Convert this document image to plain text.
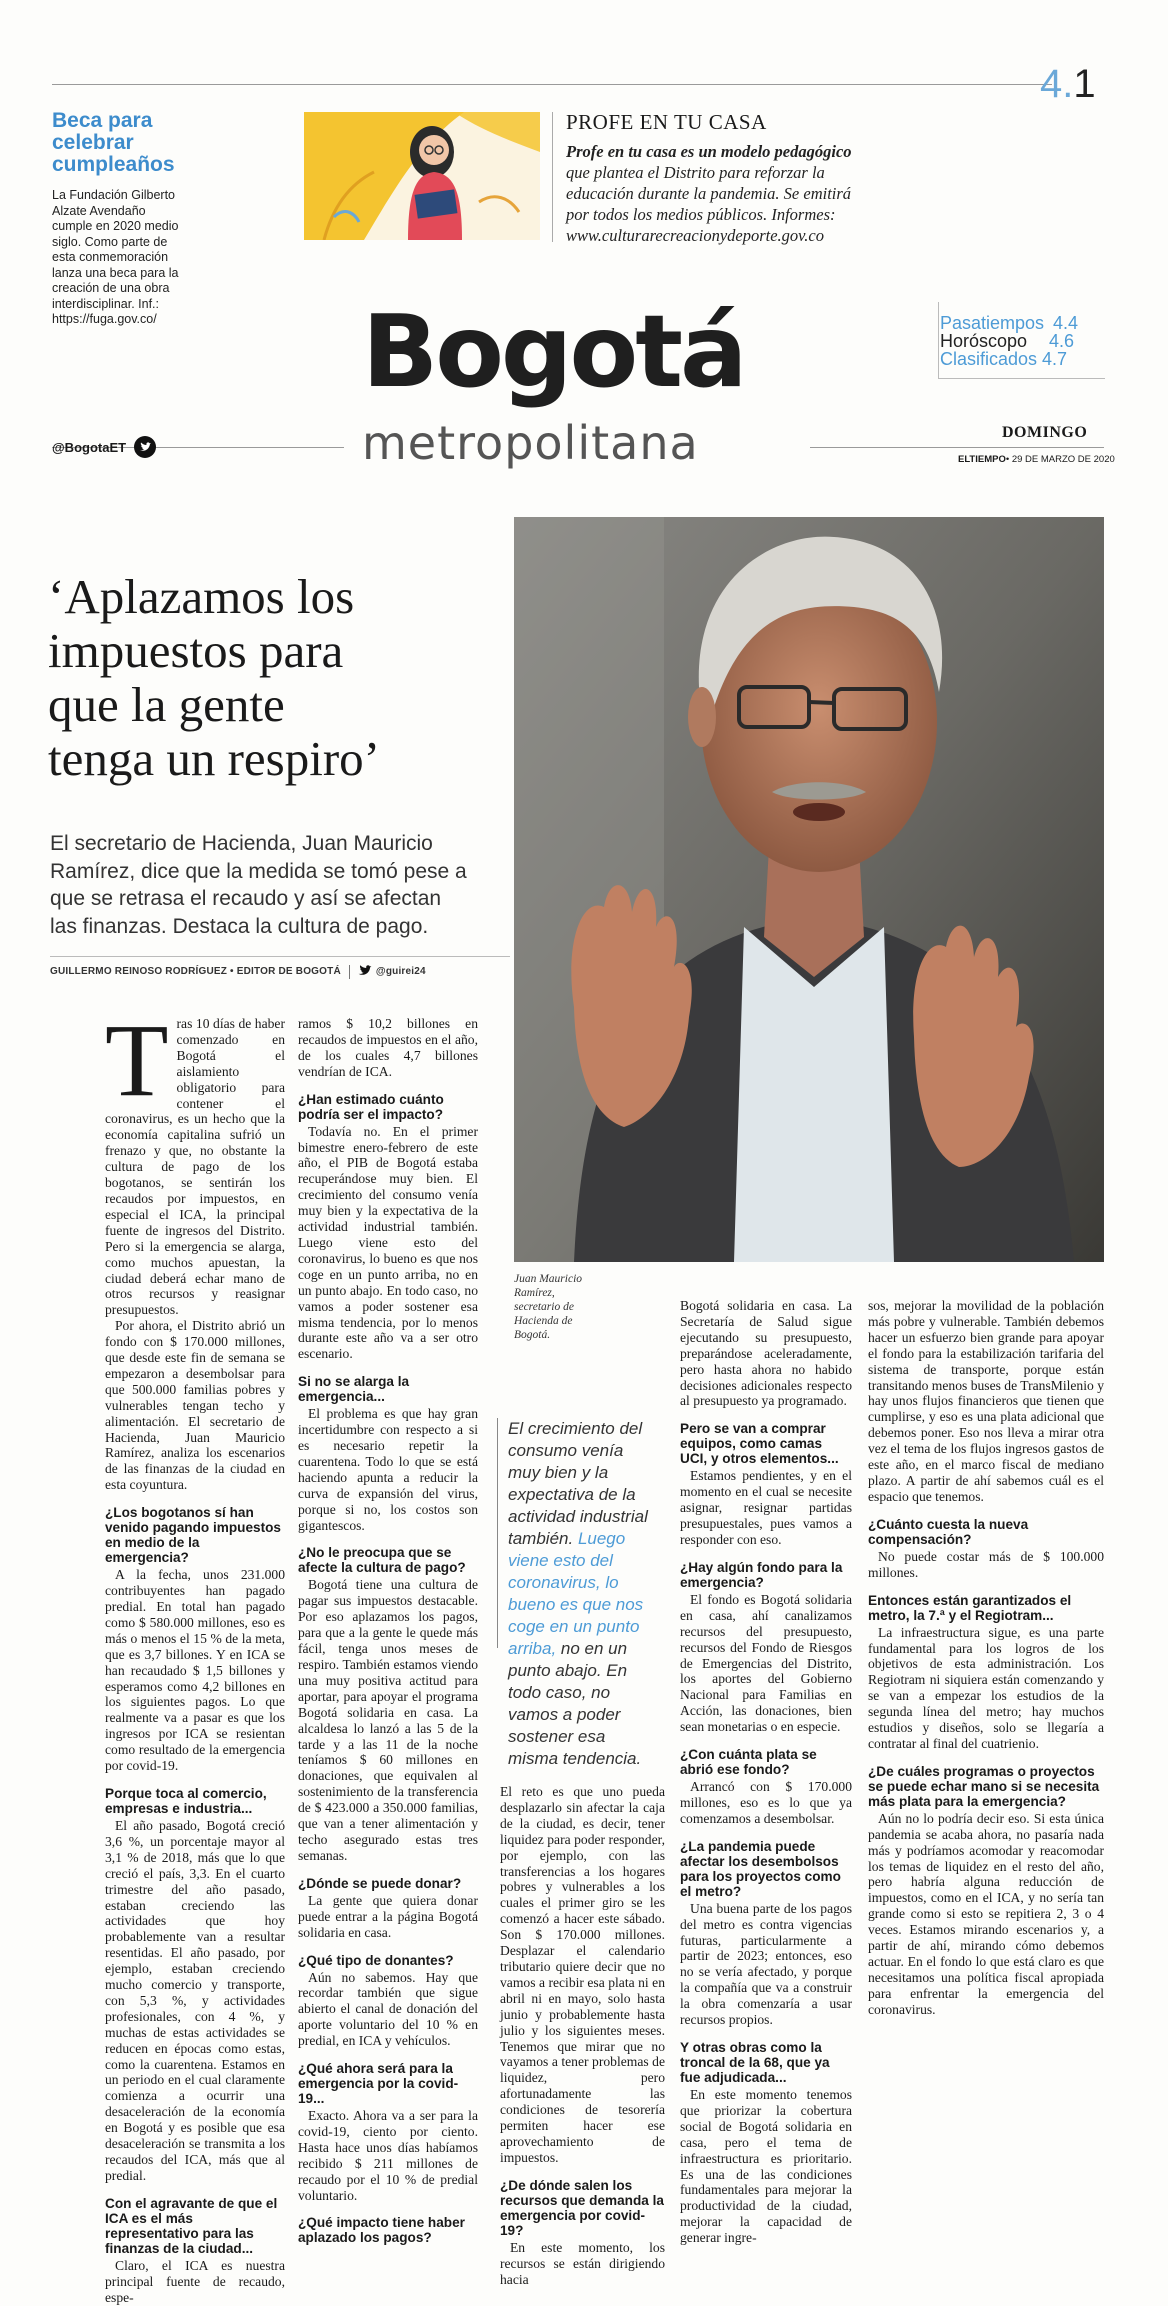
4.1
Beca para
celebrar
cumpleaños
La Fundación Gilberto
Alzate Avendaño
cumple en 2020 medio
siglo. Como parte de
esta conmemoración
lanza una beca para la
creación de una obra
interdisciplinar. Inf.:
https://fuga.gov.co/
PROFE EN TU CASA
Profe en tu casa es un modelo pedagógico
que plantea el Distrito para reforzar la
educación durante la pandemia. Se emitirá
por todos los medios públicos. Informes:
www.culturarecreacionydeporte.gov.co
Bogotá
metropolitana
@BogotaET
Pasatiempos 4.4
Horóscopo 4.6
Clasificados 4.7
DOMINGO
ELTIEMPO• 29 DE MARZO DE 2020
‘Aplazamos los
impuestos para
que la gente
tenga un respiro’
El secretario de Hacienda, Juan Mauricio
Ramírez, dice que la medida se tomó pese a
que se retrasa el recaudo y así se afectan
las finanzas. Destaca la cultura de pago.
GUILLERMO REINOSO RODRÍGUEZ • EDITOR DE BOGOTÁ	@guirei24
Juan Mauricio
Ramírez,
secretario de
Hacienda de
Bogotá.
El crecimiento del consumo venía muy bien y la expectativa de la actividad industrial también. Luego viene esto del coronavirus, lo bueno es que nos coge en un punto arriba, no en un punto abajo. En todo caso, no vamos a poder sostener esa misma tendencia.

Tras 10 días de haber comenzado en Bogotá el aislamiento obligatorio para contener el coronavirus, es un hecho que la economía capitalina sufrió un frenazo y que, no obstante la cultura de pago de los bogotanos, se sentirán los recaudos por impuestos, en especial el ICA, la principal fuente de ingresos del Distrito. Pero si la emergencia se alarga, como muchos apuestan, la ciudad deberá echar mano de otros recursos y reasignar presupuestos.

Por ahora, el Distrito abrió un fondo con $ 170.000 millones, que desde este fin de semana se empezaron a desembolsar para que 500.000 familias pobres y vulnerables tengan techo y alimentación. El secretario de Hacienda, Juan Mauricio Ramírez, analiza los escenarios de las finanzas de la ciudad en esta coyuntura.

¿Los bogotanos sí han venido pagando impuestos en medio de la emergencia?

A la fecha, unos 231.000 contribuyentes han pagado predial. En total han pagado como $ 580.000 millones, eso es más o menos el 15 % de la meta, que es 3,7 billones. Y en ICA se han recaudado $ 1,5 billones y esperamos como 4,2 billones en los siguientes pagos. Lo que realmente va a pasar es que los ingresos por ICA se resientan como resultado de la emergencia por covid-19.

Porque toca al comercio, empresas e industria...

El año pasado, Bogotá creció 3,6 %, un porcentaje mayor al 3,1 % de 2018, más que lo que creció el país, 3,3. En el cuarto trimestre del año pasado, estaban creciendo las actividades que hoy probablemente van a resultar resentidas. El año pasado, por ejemplo, estaban creciendo mucho comercio y transporte, con 5,3 %, y actividades profesionales, con 4 %, y muchas de estas actividades se reducen en épocas como estas, como la cuarentena. Estamos en un periodo en el cual claramente comienza a ocurrir una desaceleración de la economía en Bogotá y es posible que esa desaceleración se transmita a los recaudos del ICA, más que al predial.

Con el agravante de que el ICA es el más representativo para las finanzas de la ciudad...

Claro, el ICA es nuestra principal fuente de recaudo, espe-

ramos $ 10,2 billones en recaudos de impuestos en el año, de los cuales 4,7 billones vendrían de ICA.

¿Han estimado cuánto podría ser el impacto?

Todavía no. En el primer bimestre enero-febrero de este año, el PIB de Bogotá estaba recuperándose muy bien. El crecimiento del consumo venía muy bien y la expectativa de la actividad industrial también. Luego viene esto del coronavirus, lo bueno es que nos coge en un punto arriba, no en un punto abajo. En todo caso, no vamos a poder sostener esa misma tendencia, por lo menos durante este año va a ser otro escenario.

Si no se alarga la emergencia...

El problema es que hay gran incertidumbre con respecto a si es necesario repetir la cuarentena. Todo lo que se está haciendo apunta a reducir la curva de expansión del virus, porque si no, los costos son gigantescos.

¿No le preocupa que se afecte la cultura de pago?

Bogotá tiene una cultura de pagar sus impuestos destacable. Por eso aplazamos los pagos, para que a la gente le quede más fácil, tenga unos meses de respiro. También estamos viendo una muy positiva actitud para aportar, para apoyar el programa Bogotá solidaria en casa. La alcaldesa lo lanzó a las 5 de la tarde y a las 11 de la noche teníamos $ 60 millones en donaciones, que equivalen al sostenimiento de la transferencia de $ 423.000 a 350.000 familias, que van a tener alimentación y techo asegurado estas tres semanas.

¿Dónde se puede donar?

La gente que quiera donar puede entrar a la página Bogotá solidaria en casa.

¿Qué tipo de donantes?

Aún no sabemos. Hay que recordar también que sigue abierto el canal de donación del aporte voluntario del 10 % en predial, en ICA y vehículos.

¿Qué ahora será para la emergencia por la covid-19...

Exacto. Ahora va a ser para la covid-19, ciento por ciento. Hasta hace unos días habíamos recibido $ 211 millones de recaudo por el 10 % de predial voluntario.

¿Qué impacto tiene haber aplazado los pagos?

El reto es que uno pueda desplazarlo sin afectar la caja de la ciudad, es decir, tener liquidez para poder responder, por ejemplo, con las transferencias a los hogares pobres y vulnerables a los cuales el primer giro se les comenzó a hacer este sábado. Son $ 170.000 millones. Desplazar el calendario tributario quiere decir que no vamos a recibir esa plata ni en abril ni en mayo, solo hasta junio y probablemente hasta julio y los siguientes meses. Tenemos que mirar que no vayamos a tener problemas de liquidez, pero afortunadamente las condiciones de tesorería permiten hacer ese aprovechamiento de impuestos.

¿De dónde salen los recursos que demanda la emergencia por covid-19?

En este momento, los recursos se están dirigiendo hacia

Bogotá solidaria en casa. La Secretaría de Salud sigue ejecutando su presupuesto, preparándose aceleradamente, pero hasta ahora no habido decisiones adicionales respecto al presupuesto ya programado.

Pero se van a comprar equipos, como camas UCI, y otros elementos...

Estamos pendientes, y en el momento en el cual se necesite asignar, resignar partidas presupuestales, pues vamos a responder con eso.

¿Hay algún fondo para la emergencia?

El fondo es Bogotá solidaria en casa, ahí canalizamos recursos del presupuesto, recursos del Fondo de Riesgos de Emergencias del Distrito, los aportes del Gobierno Nacional para Familias en Acción, las donaciones, bien sean monetarias o en especie.

¿Con cuánta plata se abrió ese fondo?

Arrancó con $ 170.000 millones, eso es lo que ya comenzamos a desembolsar.

¿La pandemia puede afectar los desembolsos para los proyectos como el metro?

Una buena parte de los pagos del metro es contra vigencias futuras, particularmente a partir de 2023; entonces, eso no se vería afectado, y porque la compañía que va a construir la obra comenzaría a usar recursos propios.

Y otras obras como la troncal de la 68, que ya fue adjudicada...

En este momento tenemos que priorizar la cobertura social de Bogotá solidaria en casa, pero el tema de infraestructura es prioritario. Es una de las condiciones fundamentales para mejorar la productividad de la ciudad, mejorar la capacidad de generar ingre-

sos, mejorar la movilidad de la población más pobre y vulnerable. También debemos hacer un esfuerzo bien grande para apoyar el fondo para la estabilización tarifaria del sistema de transporte, porque están transitando menos buses de TransMilenio y hay unos flujos financieros que tienen que cumplirse, y eso es una plata adicional que debemos poner. Eso nos lleva a mirar otra vez el tema de los flujos ingresos gastos de este año, en el marco fiscal de mediano plazo. A partir de ahí sabemos cuál es el espacio que tenemos.

¿Cuánto cuesta la nueva compensación?

No puede costar más de $ 100.000 millones.

Entonces están garantizados el metro, la 7.ª y el Regiotram...

La infraestructura sigue, es una parte fundamental para los logros de los objetivos de esta administración. Los Regiotram ni siquiera están comenzando y se van a empezar los estudios de la segunda línea del metro; hay muchos estudios y diseños, solo se llegaría a contratar al final del cuatrienio.

¿De cuáles programas o proyectos se puede echar mano si se necesita más plata para la emergencia?

Aún no lo podría decir eso. Si esta única pandemia se acaba ahora, no pasaría nada más y podríamos acomodar y reacomodar los temas de liquidez en el resto del año, pero habría alguna reducción de impuestos, como en el ICA, y no sería tan grande como si esto se repitiera 2, 3 o 4 veces. Estamos mirando escenarios y, a partir de ahí, mirando cómo debemos actuar. En el fondo lo que está claro es que necesitamos una política fiscal apropiada para enfrentar la emergencia del coronavirus.
